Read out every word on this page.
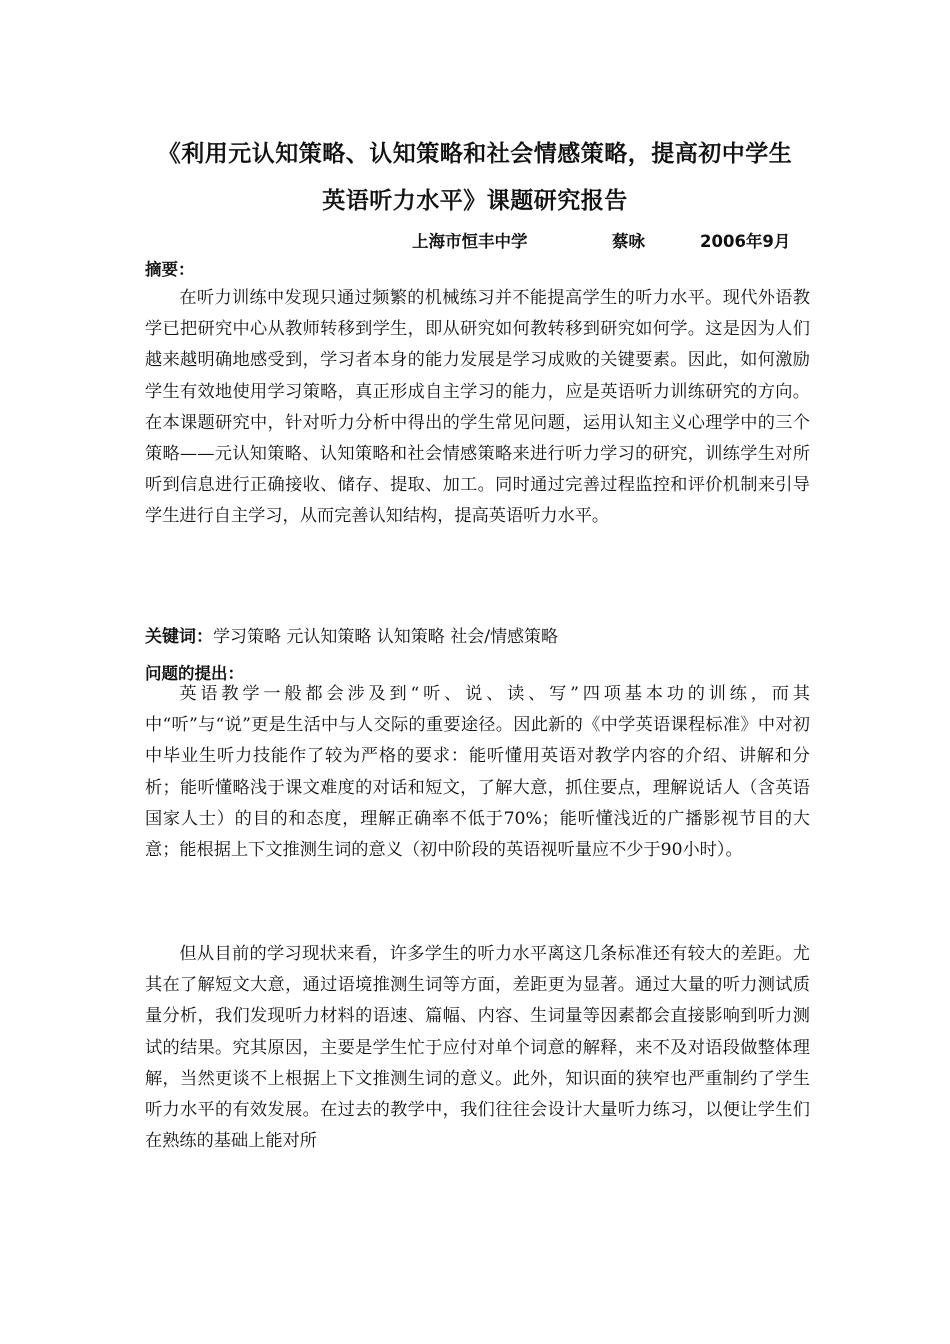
《利用元认知策略、认知策略和社会情感策略，提高初中学生
英语听力水平》课题研究报告
上海市恒丰中学	蔡咏	2006年9月
摘要：

在听力训练中发现只通过频繁的机械练习并不能提高学生的听力水平。现代外语教学已把研究中心从教师转移到学生，即从研究如何教转移到研究如何学。这是因为人们越来越明确地感受到，学习者本身的能力发展是学习成败的关键要素。因此，如何激励学生有效地使用学习策略，真正形成自主学习的能力，应是英语听力训练研究的方向。在本课题研究中，针对听力分析中得出的学生常见问题，运用认知主义心理学中的三个策略——元认知策略、认知策略和社会情感策略来进行听力学习的研究，训练学生对所听到信息进行正确接收、储存、提取、加工。同时通过完善过程监控和评价机制来引导学生进行自主学习，从而完善认知结构，提高英语听力水平。

关键词：学习策略 元认知策略 认知策略 社会/情感策略
问题的提出：

英语教学一般都会涉及到“听、说、读、写”四项基本功的训练，而其中“听”与“说”更是生活中与人交际的重要途径。因此新的《中学英语课程标准》中对初中毕业生听力技能作了较为严格的要求：能听懂用英语对教学内容的介绍、讲解和分析；能听懂略浅于课文难度的对话和短文，了解大意，抓住要点，理解说话人（含英语国家人士）的目的和态度，理解正确率不低于70%；能听懂浅近的广播影视节目的大意；能根据上下文推测生词的意义（初中阶段的英语视听量应不少于90小时）。

但从目前的学习现状来看，许多学生的听力水平离这几条标准还有较大的差距。尤其在了解短文大意，通过语境推测生词等方面，差距更为显著。通过大量的听力测试质量分析，我们发现听力材料的语速、篇幅、内容、生词量等因素都会直接影响到听力测试的结果。究其原因，主要是学生忙于应付对单个词意的解释，来不及对语段做整体理解，当然更谈不上根据上下文推测生词的意义。此外，知识面的狭窄也严重制约了学生听力水平的有效发展。在过去的教学中，我们往往会设计大量听力练习，以便让学生们在熟练的基础上能对所
